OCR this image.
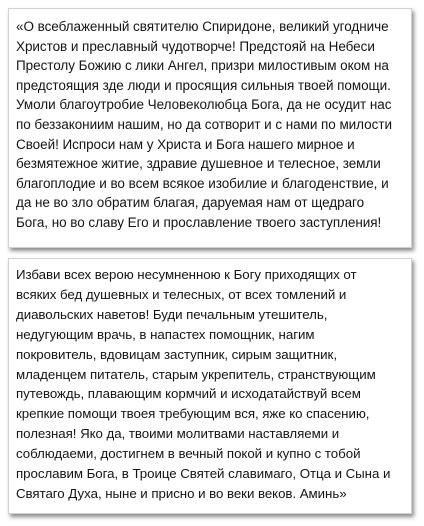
«О всеблаженный святителю Спиридоне, великий угодниче
Христов и преславный чудотворче! Предстояй на Небеси
Престолу Божию с лики Ангел, призри милостивым оком на
предстоящия зде люди и просящия сильныя твоей помощи.
Умоли благоутробие Человеколюбца Бога, да не осудит нас
по беззакониим нашим, но да сотворит и с нами по милости
Своей! Испроси нам у Христа и Бога нашего мирное и
безмятежное житие, здравие душевное и телесное, земли
благоплодие и во всем всякое изобилие и благоденствие, и
да не во зло обратим благая, даруемая нам от щедраго
Бога, но во славу Его и прославление твоего заступления!
Избави всех верою несумненною к Богу приходящих от
всяких бед душевных и телесных, от всех томлений и
диавольских наветов! Буди печальным утешитель,
недугующим врачь, в напастех помощник, нагим
покровитель, вдовицам заступник, сирым защитник,
младенцем питатель, старым укрепитель, странствующим
путевождь, плавающим кормчий и исходатайствуй всем
крепкие помощи твоея требующим вся, яже ко спасению,
полезная! Яко да, твоими молитвами наставляеми и
соблюдаеми, достигнем в вечный покой и купно с тобой
прославим Бога, в Троице Святей славимаго, Отца и Сына и
Святаго Духа, ныне и присно и во веки веков. Аминь»
